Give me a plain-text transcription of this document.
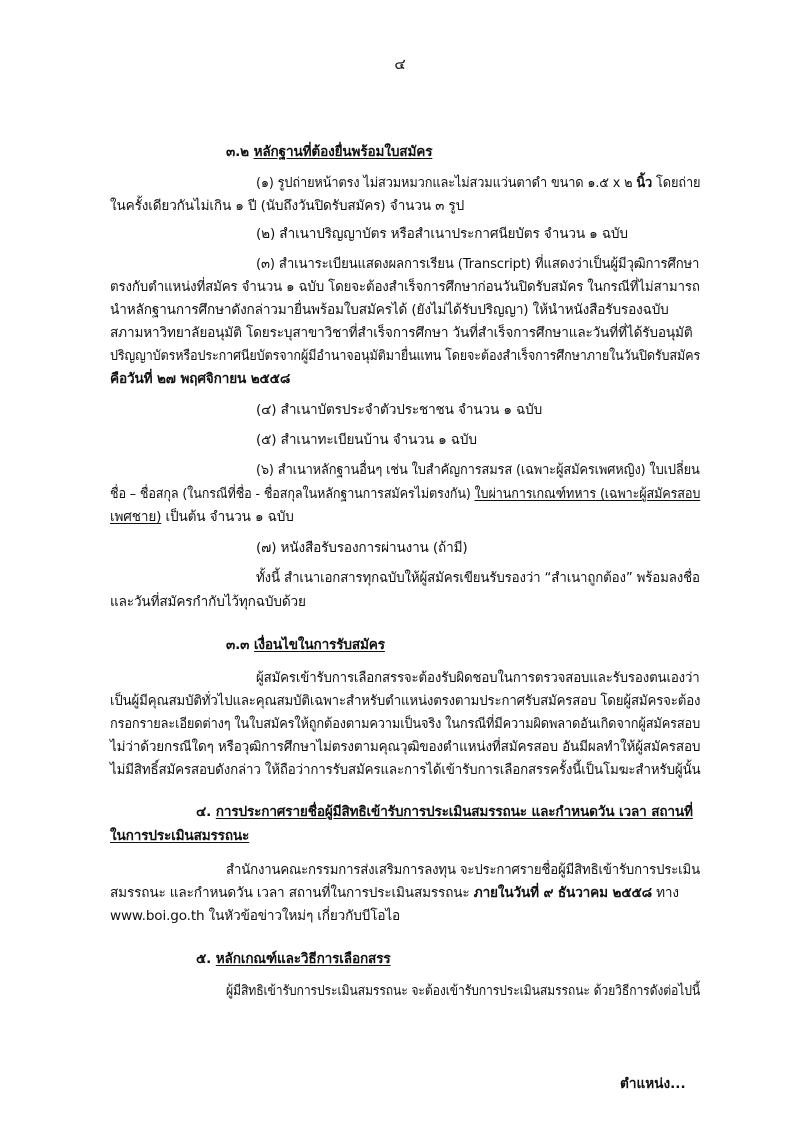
๔
๓.๒ หลักฐานที่ต้องยื่นพร้อมใบสมัคร
(๑) รูปถ่ายหน้าตรง ไม่สวมหมวกและไม่สวมแว่นตาดำ ขนาด ๑.๕ x ๒ นิ้ว โดยถ่าย
ในครั้งเดียวกันไม่เกิน ๑ ปี (นับถึงวันปิดรับสมัคร) จำนวน ๓ รูป
(๒) สำเนาปริญญาบัตร หรือสำเนาประกาศนียบัตร จำนวน ๑ ฉบับ
(๓) สำเนาระเบียนแสดงผลการเรียน (Transcript) ที่แสดงว่าเป็นผู้มีวุฒิการศึกษา
ตรงกับตำแหน่งที่สมัคร จำนวน ๑ ฉบับ โดยจะต้องสำเร็จการศึกษาก่อนวันปิดรับสมัคร ในกรณีที่ไม่สามารถ
นำหลักฐานการศึกษาดังกล่าวมายื่นพร้อมใบสมัครได้ (ยังไม่ได้รับปริญญา) ให้นำหนังสือรับรองฉบับ
สภามหาวิทยาลัยอนุมัติ โดยระบุสาขาวิชาที่สำเร็จการศึกษา วันที่สำเร็จการศึกษาและวันที่ที่ได้รับอนุมัติ
ปริญญาบัตรหรือประกาศนียบัตรจากผู้มีอำนาจอนุมัติมายื่นแทน โดยจะต้องสำเร็จการศึกษาภายในวันปิดรับสมัคร
คือวันที่ ๒๗ พฤศจิกายน ๒๕๕๘
(๔) สำเนาบัตรประจำตัวประชาชน จำนวน ๑ ฉบับ
(๕) สำเนาทะเบียนบ้าน จำนวน ๑ ฉบับ
(๖) สำเนาหลักฐานอื่นๆ เช่น ใบสำคัญการสมรส (เฉพาะผู้สมัครเพศหญิง) ใบเปลี่ยน
ชื่อ – ชื่อสกุล (ในกรณีที่ชื่อ - ชื่อสกุลในหลักฐานการสมัครไม่ตรงกัน) ใบผ่านการเกณฑ์ทหาร (เฉพาะผู้สมัครสอบ
เพศชาย) เป็นต้น จำนวน ๑ ฉบับ
(๗) หนังสือรับรองการผ่านงาน (ถ้ามี)
ทั้งนี้ สำเนาเอกสารทุกฉบับให้ผู้สมัครเขียนรับรองว่า “สำเนาถูกต้อง” พร้อมลงชื่อ
และวันที่สมัครกำกับไว้ทุกฉบับด้วย
๓.๓ เงื่อนไขในการรับสมัคร
ผู้สมัครเข้ารับการเลือกสรรจะต้องรับผิดชอบในการตรวจสอบและรับรองตนเองว่า
เป็นผู้มีคุณสมบัติทั่วไปและคุณสมบัติเฉพาะสำหรับตำแหน่งตรงตามประกาศรับสมัครสอบ โดยผู้สมัครจะต้อง
กรอกรายละเอียดต่างๆ ในใบสมัครให้ถูกต้องตามความเป็นจริง ในกรณีที่มีความผิดพลาดอันเกิดจากผู้สมัครสอบ
ไม่ว่าด้วยกรณีใดๆ หรือวุฒิการศึกษาไม่ตรงตามคุณวุฒิของตำแหน่งที่สมัครสอบ อันมีผลทำให้ผู้สมัครสอบ
ไม่มีสิทธิ์สมัครสอบดังกล่าว ให้ถือว่าการรับสมัครและการได้เข้ารับการเลือกสรรครั้งนี้เป็นโมฆะสำหรับผู้นั้น
๔. การประกาศรายชื่อผู้มีสิทธิเข้ารับการประเมินสมรรถนะ และกำหนดวัน เวลา สถานที่
ในการประเมินสมรรถนะ
สำนักงานคณะกรรมการส่งเสริมการลงทุน จะประกาศรายชื่อผู้มีสิทธิเข้ารับการประเมิน
สมรรถนะ และกำหนดวัน เวลา สถานที่ในการประเมินสมรรถนะ ภายในวันที่ ๙ ธันวาคม ๒๕๕๘ ทาง
www.boi.go.th ในหัวข้อข่าวใหม่ๆ เกี่ยวกับบีโอไอ
๕. หลักเกณฑ์และวิธีการเลือกสรร
ผู้มีสิทธิเข้ารับการประเมินสมรรถนะ จะต้องเข้ารับการประเมินสมรรถนะ ด้วยวิธีการดังต่อไปนี้
ตำแหน่ง...
